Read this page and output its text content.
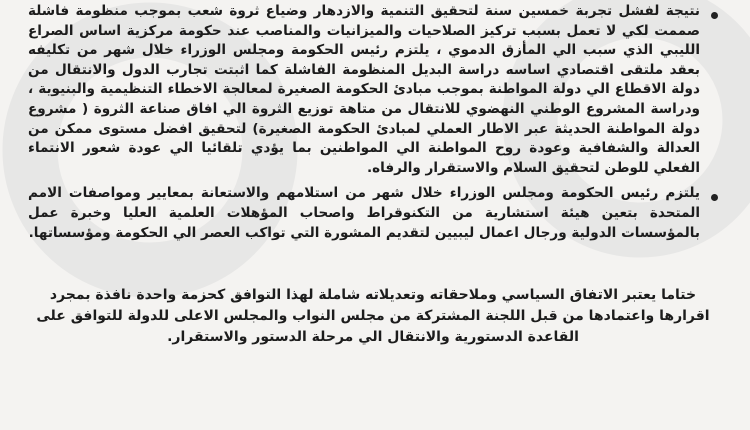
نتيجة لفشل تجربة خمسين سنة لتحقيق التنمية والازدهار وضياع ثروة شعب بموجب منظومة فاشلة صممت لكي لا تعمل بسبب تركيز الصلاحيات والميزانيات والمناصب عند حكومة مركزية اساس الصراع الليبي الذي سبب الي المأزق الدموي ، يلتزم رئيس الحكومة ومجلس الوزراء خلال شهر من تكليفه بعقد ملتقى اقتصادي اساسه دراسة البديل المنظومة الفاشلة كما اثبتت تجارب الدول والانتقال من دولة الاقطاع الي دولة المواطنة بموجب مبادئ الحكومة الصغيرة لمعالجة الاخطاء التنظيمية والبنيوية ، ودراسة المشروع الوطني النهضوي للانتقال من متاهة توزيع الثروة الي افاق صناعة الثروة ( مشروع دولة المواطنة الحديثة عبر الاطار العملي لمبادئ الحكومة الصغيرة) لتحقيق افضل مستوى ممكن من العدالة والشفافية وعودة روح المواطنة الي المواطنين بما يؤدي تلقائيا الي عودة شعور الانتماء الفعلي للوطن لتحقيق السلام والاستقرار والرفاه.
يلتزم رئيس الحكومة ومجلس الوزراء خلال شهر من استلامهم والاستعانة بمعايير ومواصفات الامم المتحدة بتعين هيئة استشارية من التكنوقراط واصحاب المؤهلات العلمية العليا وخبرة عمل بالمؤسسات الدولية ورجال اعمال ليبيين لتقديم المشورة التي تواكب العصر الي الحكومة ومؤسساتها.
ختاما يعتبر الاتفاق السياسي وملاحقاته وتعديلاته شاملة لهذا التوافق كحزمة واحدة نافذة بمجرد اقرارها واعتمادها من قبل اللجنة المشتركة من مجلس النواب والمجلس الاعلى للدولة للتوافق على القاعدة الدستورية والانتقال الي مرحلة الدستور والاستقرار.
